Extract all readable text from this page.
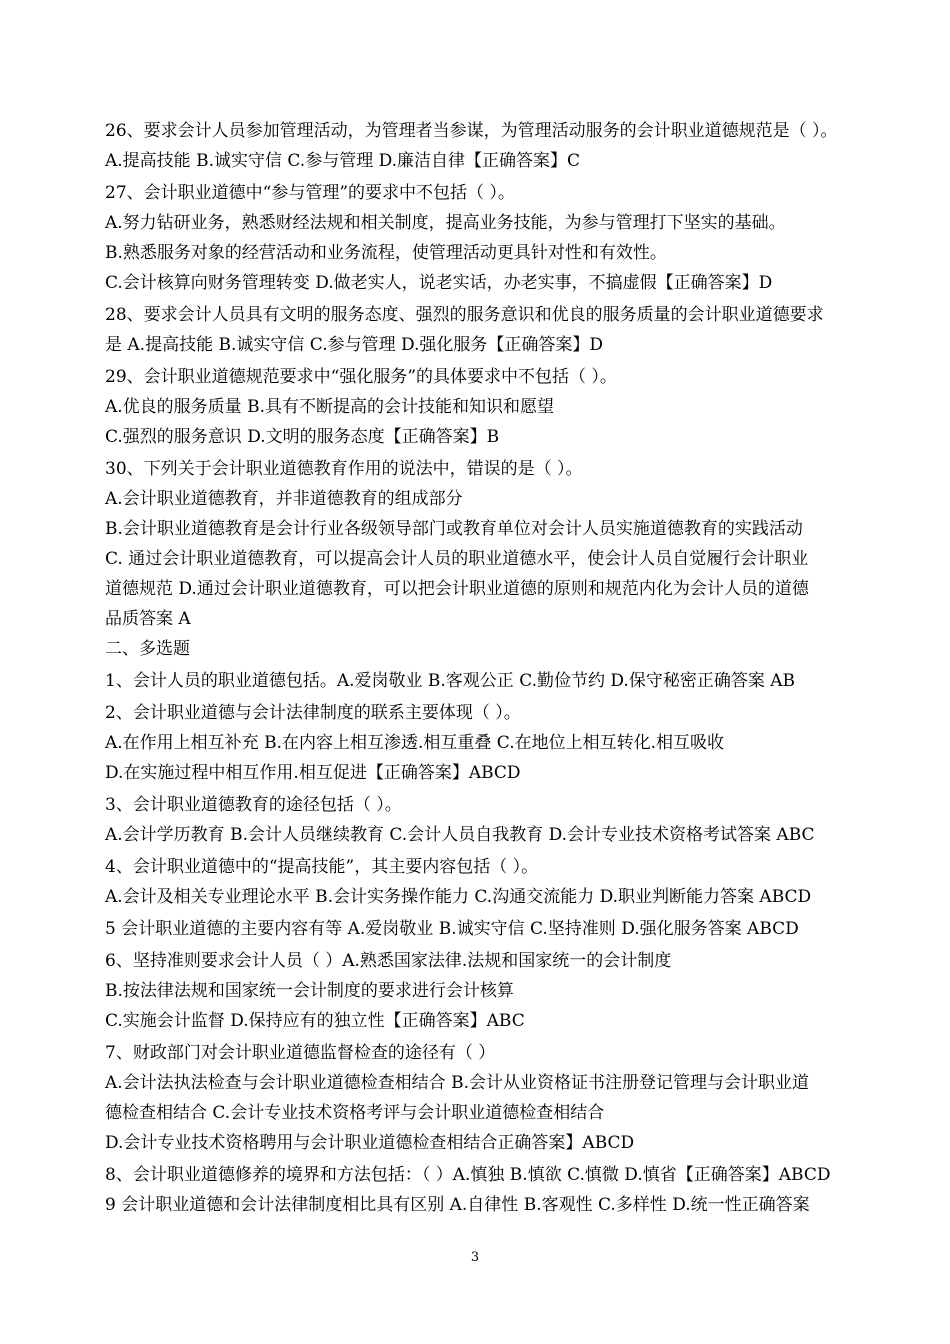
26、要求会计人员参加管理活动，为管理者当参谋，为管理活动服务的会计职业道德规范是（ ）。
A.提高技能 B.诚实守信 C.参与管理 D.廉洁自律【正确答案】C
27、会计职业道德中“参与管理”的要求中不包括（ ）。
A.努力钻研业务，熟悉财经法规和相关制度，提高业务技能，为参与管理打下坚实的基础。
B.熟悉服务对象的经营活动和业务流程，使管理活动更具针对性和有效性。
C.会计核算向财务管理转变 D.做老实人，说老实话，办老实事，不搞虚假【正确答案】D
28、要求会计人员具有文明的服务态度、强烈的服务意识和优良的服务质量的会计职业道德要求
是 A.提高技能 B.诚实守信 C.参与管理 D.强化服务【正确答案】D
29、会计职业道德规范要求中“强化服务”的具体要求中不包括（ ）。
A.优良的服务质量 B.具有不断提高的会计技能和知识和愿望
C.强烈的服务意识 D.文明的服务态度【正确答案】B
30、下列关于会计职业道德教育作用的说法中，错误的是（ ）。
A.会计职业道德教育，并非道德教育的组成部分
B.会计职业道德教育是会计行业各级领导部门或教育单位对会计人员实施道德教育的实践活动
C. 通过会计职业道德教育，可以提高会计人员的职业道德水平，使会计人员自觉履行会计职业
道德规范 D.通过会计职业道德教育，可以把会计职业道德的原则和规范内化为会计人员的道德
品质答案 A
二、多选题
1、会计人员的职业道德包括。A.爱岗敬业 B.客观公正 C.勤俭节约 D.保守秘密正确答案 AB
2、会计职业道德与会计法律制度的联系主要体现（ ）。
A.在作用上相互补充 B.在内容上相互渗透.相互重叠 C.在地位上相互转化.相互吸收
D.在实施过程中相互作用.相互促进【正确答案】ABCD
3、会计职业道德教育的途径包括（ ）。
A.会计学历教育 B.会计人员继续教育 C.会计人员自我教育 D.会计专业技术资格考试答案 ABC
4、会计职业道德中的“提高技能”，其主要内容包括（ ）。
A.会计及相关专业理论水平 B.会计实务操作能力 C.沟通交流能力 D.职业判断能力答案 ABCD
5 会计职业道德的主要内容有等 A.爱岗敬业 B.诚实守信 C.坚持准则 D.强化服务答案 ABCD
6、坚持准则要求会计人员（ ）A.熟悉国家法律.法规和国家统一的会计制度
B.按法律法规和国家统一会计制度的要求进行会计核算
C.实施会计监督 D.保持应有的独立性【正确答案】ABC
7、财政部门对会计职业道德监督检查的途径有（ ）
A.会计法执法检查与会计职业道德检查相结合 B.会计从业资格证书注册登记管理与会计职业道
德检查相结合 C.会计专业技术资格考评与会计职业道德检查相结合
D.会计专业技术资格聘用与会计职业道德检查相结合正确答案】ABCD
8、会计职业道德修养的境界和方法包括：（ ）A.慎独 B.慎欲 C.慎微 D.慎省【正确答案】ABCD
9 会计职业道德和会计法律制度相比具有区别 A.自律性 B.客观性 C.多样性 D.统一性正确答案
3
